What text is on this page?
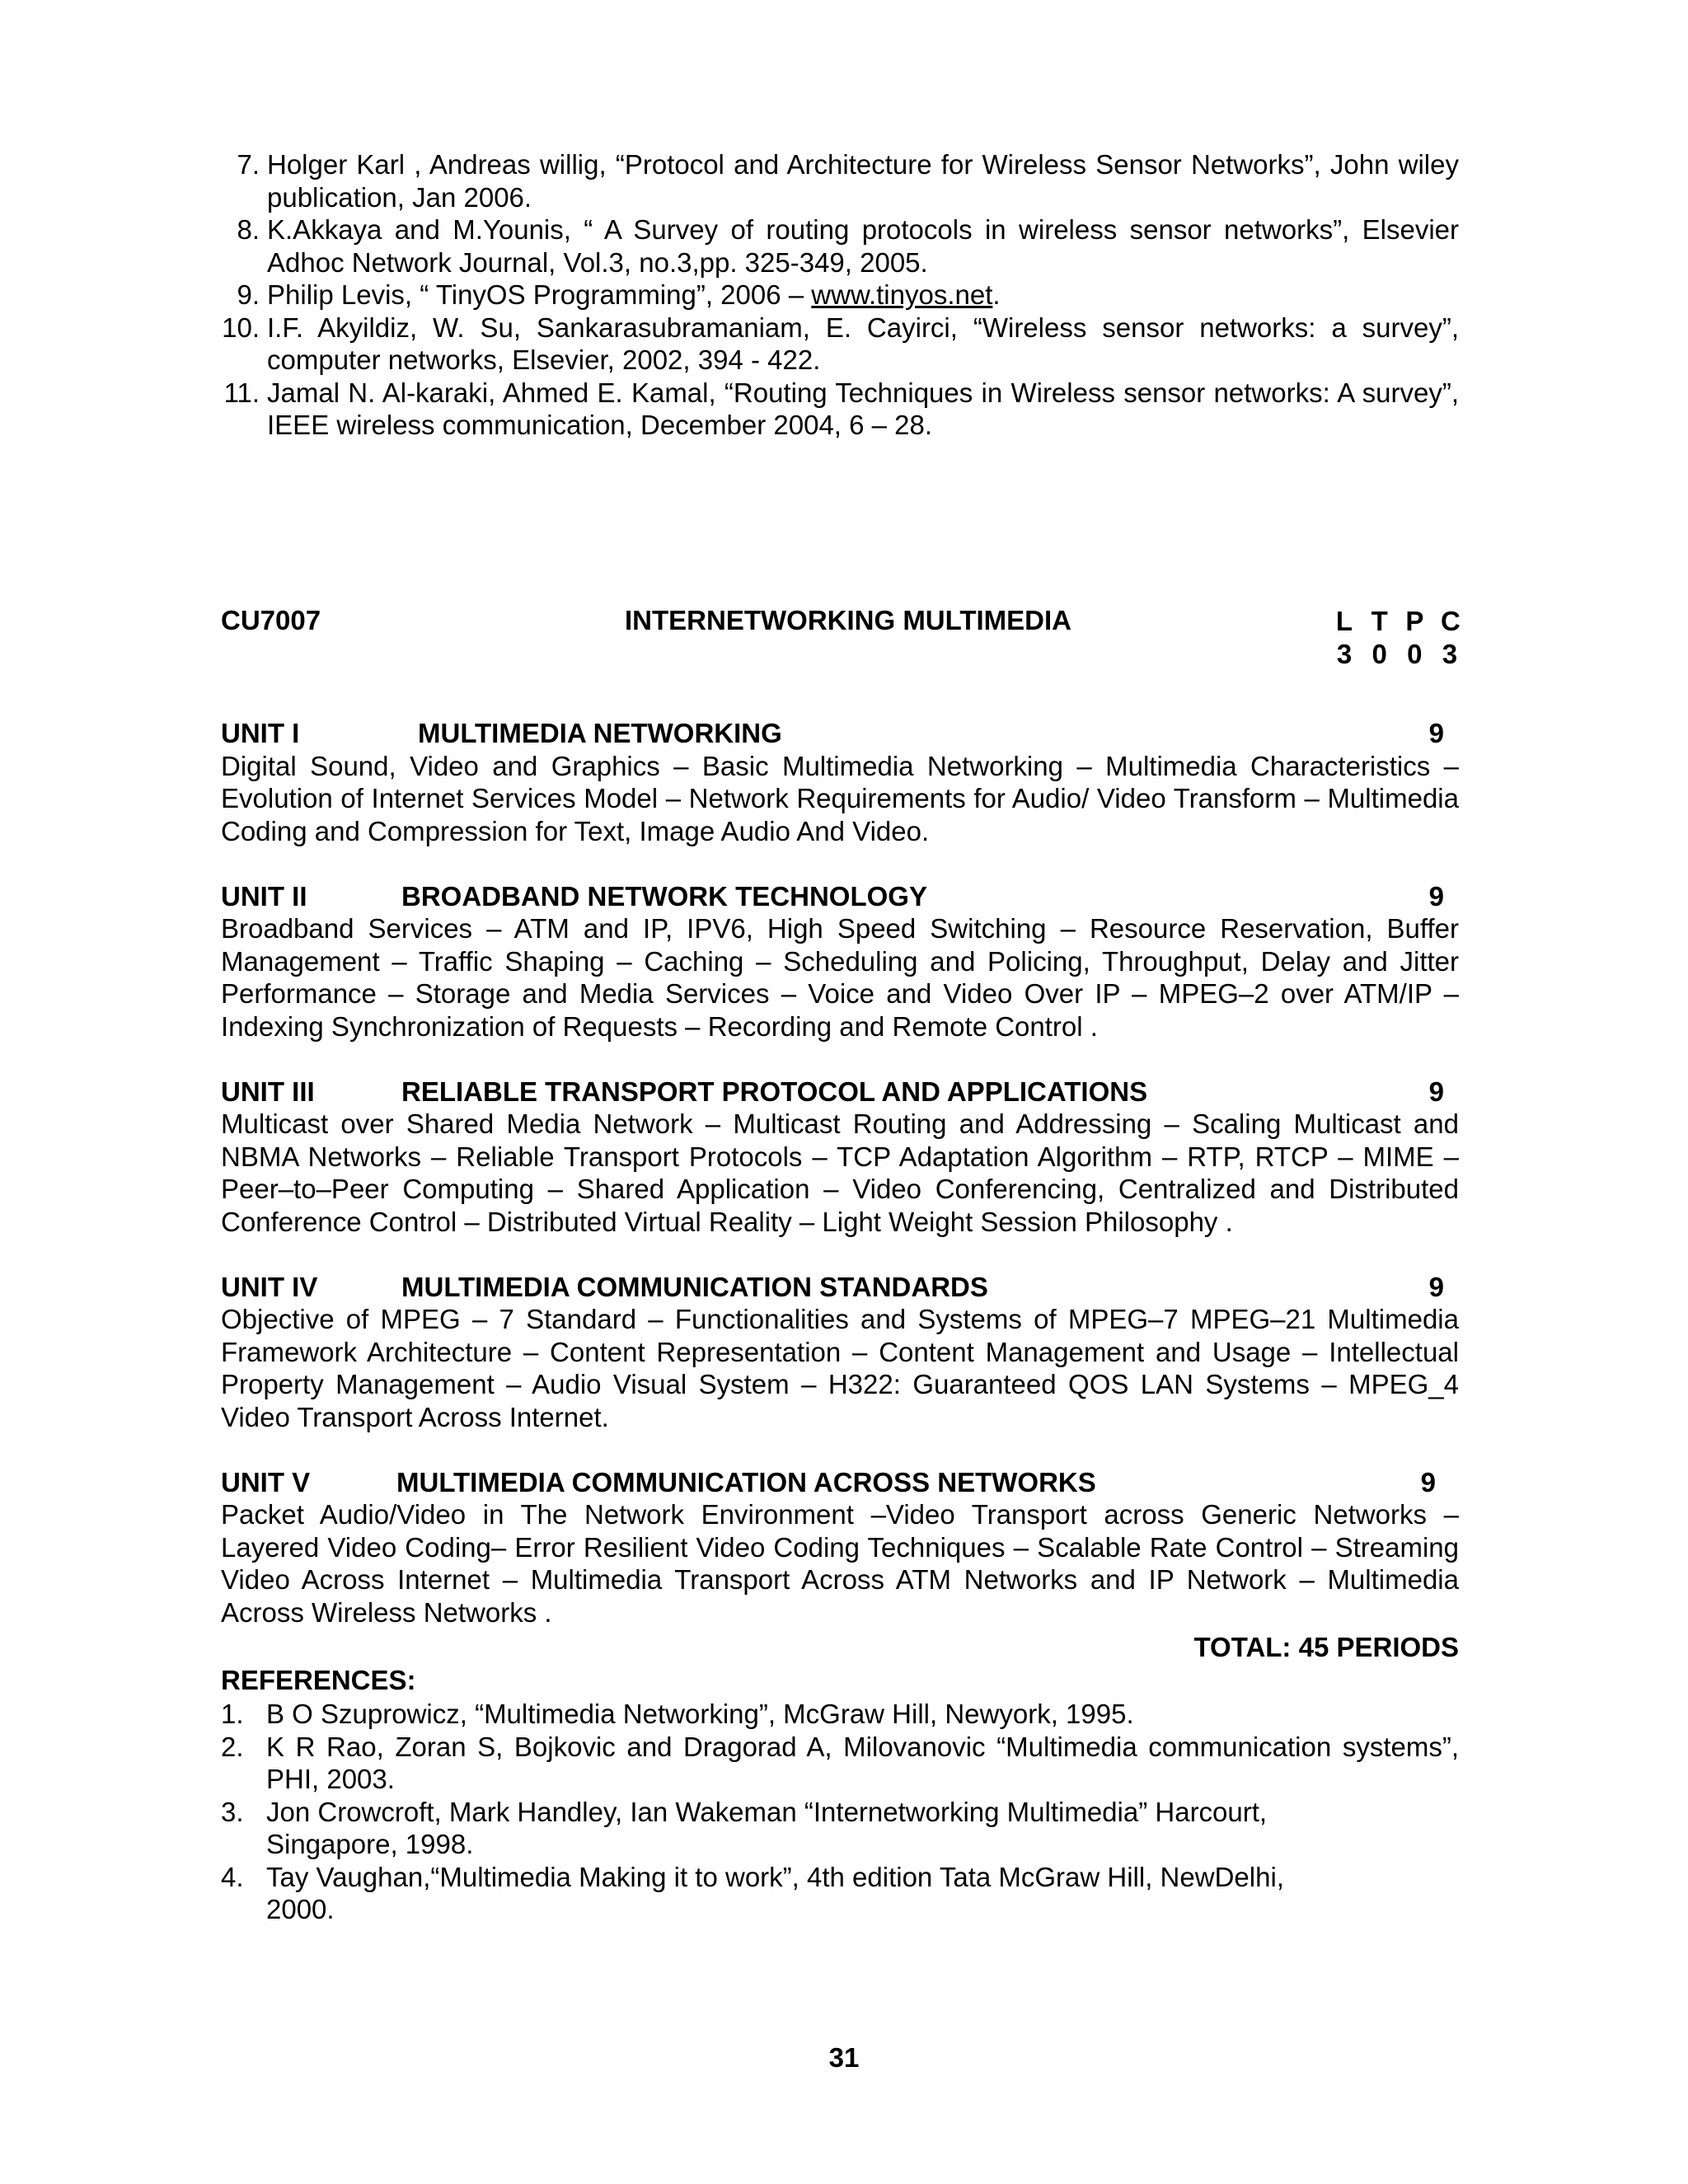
7. Holger Karl , Andreas willig, “Protocol and Architecture for Wireless Sensor Networks”, John wiley publication, Jan 2006.
8. K.Akkaya and M.Younis, “ A Survey of routing protocols in wireless sensor networks”, Elsevier Adhoc Network Journal, Vol.3, no.3,pp. 325-349, 2005.
9. Philip Levis, “ TinyOS Programming”, 2006 – www.tinyos.net.
10. I.F. Akyildiz, W. Su, Sankarasubramaniam, E. Cayirci, “Wireless sensor networks: a survey”, computer networks, Elsevier, 2002, 394 - 422.
11. Jamal N. Al-karaki, Ahmed E. Kamal, “Routing Techniques in Wireless sensor networks: A survey”, IEEE wireless communication, December 2004, 6 – 28.
CU7007	INTERNETWORKING MULTIMEDIA	L T P C
3 0 0 3
UNIT I	MULTIMEDIA NETWORKING	9
Digital Sound, Video and Graphics – Basic Multimedia Networking – Multimedia Characteristics – Evolution of Internet Services Model – Network Requirements for Audio/ Video Transform – Multimedia Coding and Compression for Text, Image Audio And Video.
UNIT II	BROADBAND NETWORK TECHNOLOGY	9
Broadband Services – ATM and IP, IPV6, High Speed Switching – Resource Reservation, Buffer Management – Traffic Shaping – Caching – Scheduling and Policing, Throughput, Delay and Jitter Performance – Storage and Media Services – Voice and Video Over IP – MPEG–2 over ATM/IP – Indexing Synchronization of Requests – Recording and Remote Control .
UNIT III	RELIABLE TRANSPORT PROTOCOL AND APPLICATIONS	9
Multicast over Shared Media Network – Multicast Routing and Addressing – Scaling Multicast and NBMA Networks – Reliable Transport Protocols – TCP Adaptation Algorithm – RTP, RTCP – MIME – Peer–to–Peer Computing – Shared Application – Video Conferencing, Centralized and Distributed Conference Control – Distributed Virtual Reality – Light Weight Session Philosophy .
UNIT IV	MULTIMEDIA COMMUNICATION STANDARDS	9
Objective of MPEG – 7 Standard – Functionalities and Systems of MPEG–7 MPEG–21 Multimedia Framework Architecture – Content Representation – Content Management and Usage – Intellectual Property Management – Audio Visual System – H322: Guaranteed QOS LAN Systems – MPEG_4 Video Transport Across Internet.
UNIT V	MULTIMEDIA COMMUNICATION ACROSS NETWORKS	9
Packet Audio/Video in The Network Environment –Video Transport across Generic Networks – Layered Video Coding– Error Resilient Video Coding Techniques – Scalable Rate Control – Streaming Video Across Internet – Multimedia Transport Across ATM Networks and IP Network – Multimedia Across Wireless Networks .
TOTAL: 45 PERIODS
REFERENCES:
1. B O Szuprowicz, “Multimedia Networking”, McGraw Hill, Newyork, 1995.
2. K R Rao, Zoran S, Bojkovic and Dragorad A, Milovanovic “Multimedia communication systems”, PHI, 2003.
3. Jon Crowcroft, Mark Handley, Ian Wakeman “Internetworking Multimedia” Harcourt,
Singapore, 1998.
4. Tay Vaughan,“Multimedia Making it to work”, 4th edition Tata McGraw Hill, NewDelhi,
2000.
31
